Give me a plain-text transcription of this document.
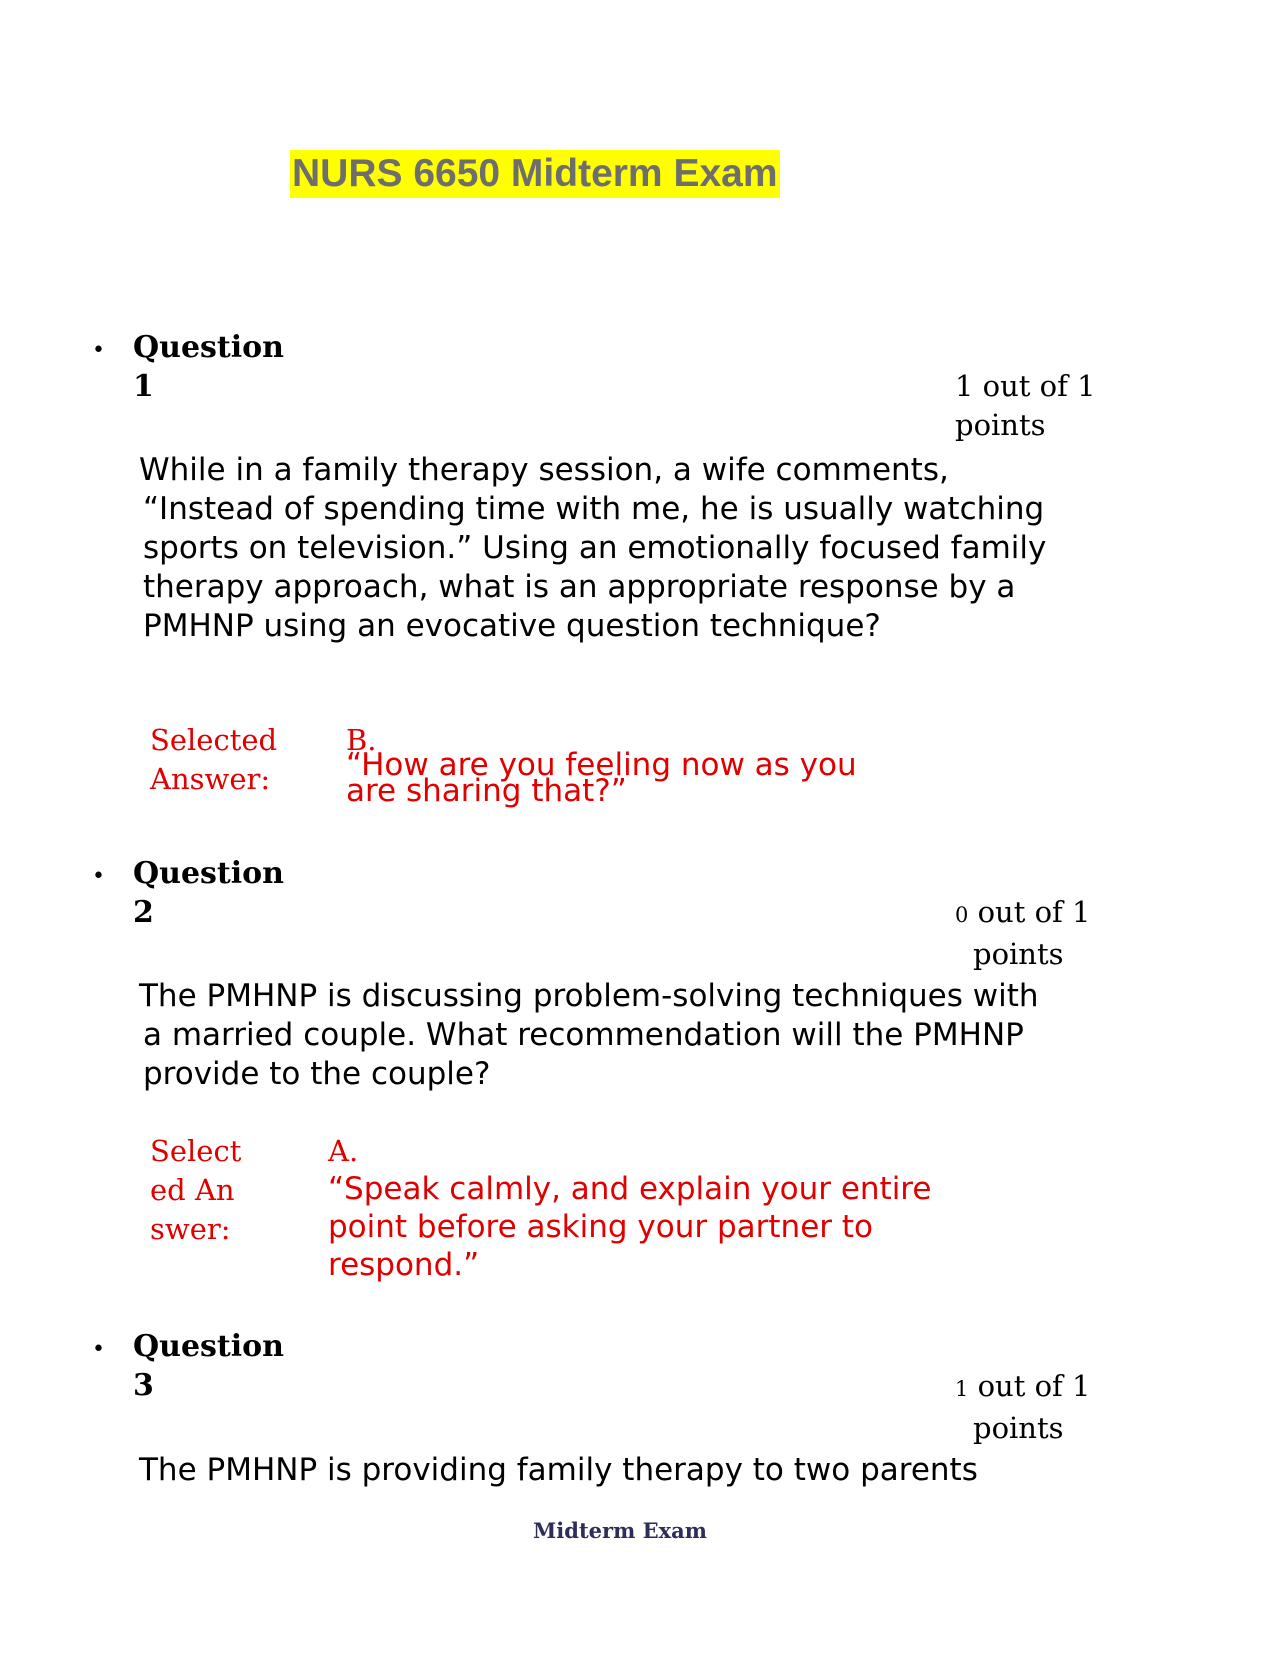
NURS 6650 Midterm Exam
• Question
1	1 out of 1
points

While in a family therapy session, a wife comments, “Instead of spending time with me, he is usually watching sports on television.” Using an emotionally focused family therapy approach, what is an appropriate response by a PMHNP using an evocative question technique?

Selected Answer:
B.
“How are you feeling now as you are sharing that?”
• Question
2	0 out of 1
points

The PMHNP is discussing problem-solving techniques with a married couple. What recommendation will the PMHNP provide to the couple?

Selected Answer:
A.
“Speak calmly, and explain your entire point before asking your partner to respond.”
• Question
3	1 out of 1
points

The PMHNP is providing family therapy to two parents

Midterm Exam
